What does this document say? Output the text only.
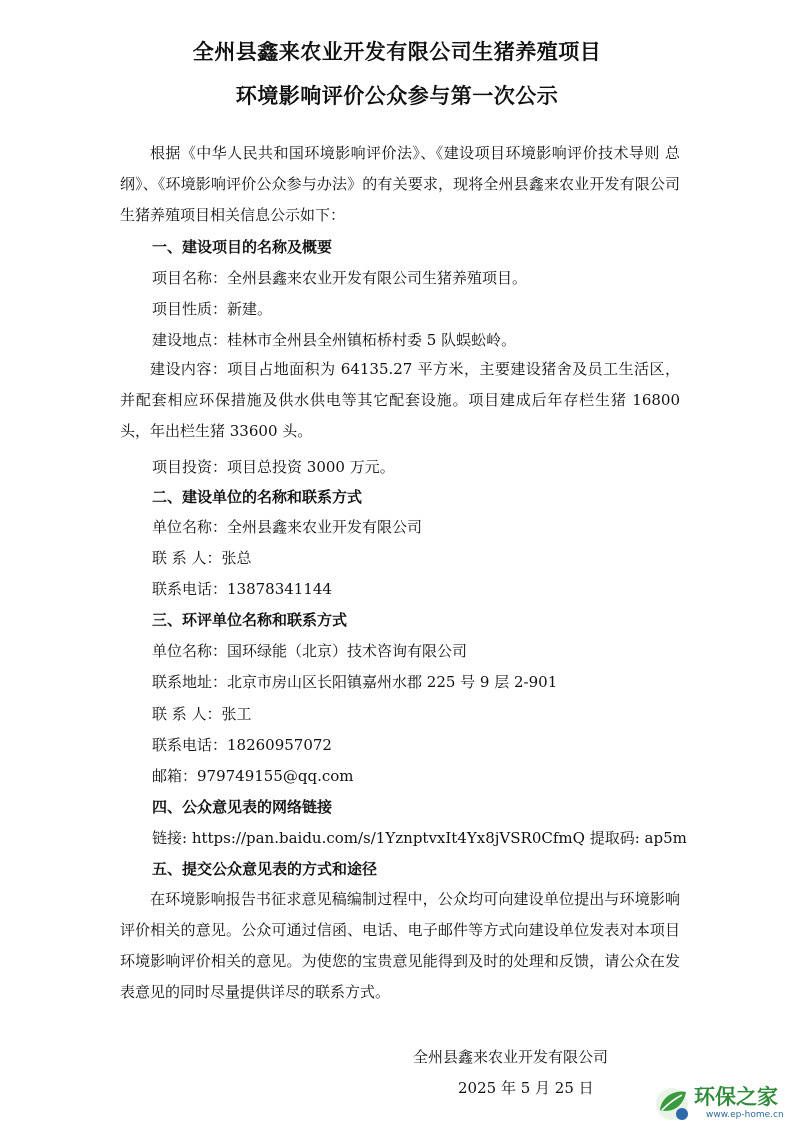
全州县鑫来农业开发有限公司生猪养殖项目
环境影响评价公众参与第一次公示
根据《中华人民共和国环境影响评价法》、《建设项目环境影响评价技术导则 总纲》、《环境影响评价公众参与办法》的有关要求，现将全州县鑫来农业开发有限公司生猪养殖项目相关信息公示如下：
一、建设项目的名称及概要
项目名称：全州县鑫来农业开发有限公司生猪养殖项目。
项目性质：新建。
建设地点：桂林市全州县全州镇柘桥村委 5 队蜈蚣岭。
建设内容：项目占地面积为 64135.27 平方米，主要建设猪舍及员工生活区，并配套相应环保措施及供水供电等其它配套设施。项目建成后年存栏生猪 16800 头，年出栏生猪 33600 头。
项目投资：项目总投资 3000 万元。
二、建设单位的名称和联系方式
单位名称：全州县鑫来农业开发有限公司
联 系 人：张总
联系电话：13878341144
三、环评单位名称和联系方式
单位名称：国环绿能（北京）技术咨询有限公司
联系地址：北京市房山区长阳镇嘉州水郡 225 号 9 层 2-901
联 系 人：张工
联系电话：18260957072
邮箱：979749155@qq.com
四、公众意见表的网络链接
链接: https://pan.baidu.com/s/1YznptvxIt4Yx8jVSR0CfmQ 提取码: ap5m
五、提交公众意见表的方式和途径
在环境影响报告书征求意见稿编制过程中，公众均可向建设单位提出与环境影响评价相关的意见。公众可通过信函、电话、电子邮件等方式向建设单位发表对本项目环境影响评价相关的意见。为使您的宝贵意见能得到及时的处理和反馈，请公众在发表意见的同时尽量提供详尽的联系方式。
全州县鑫来农业开发有限公司
2025 年 5 月 25 日	环保之家
www.ep-home.cn
